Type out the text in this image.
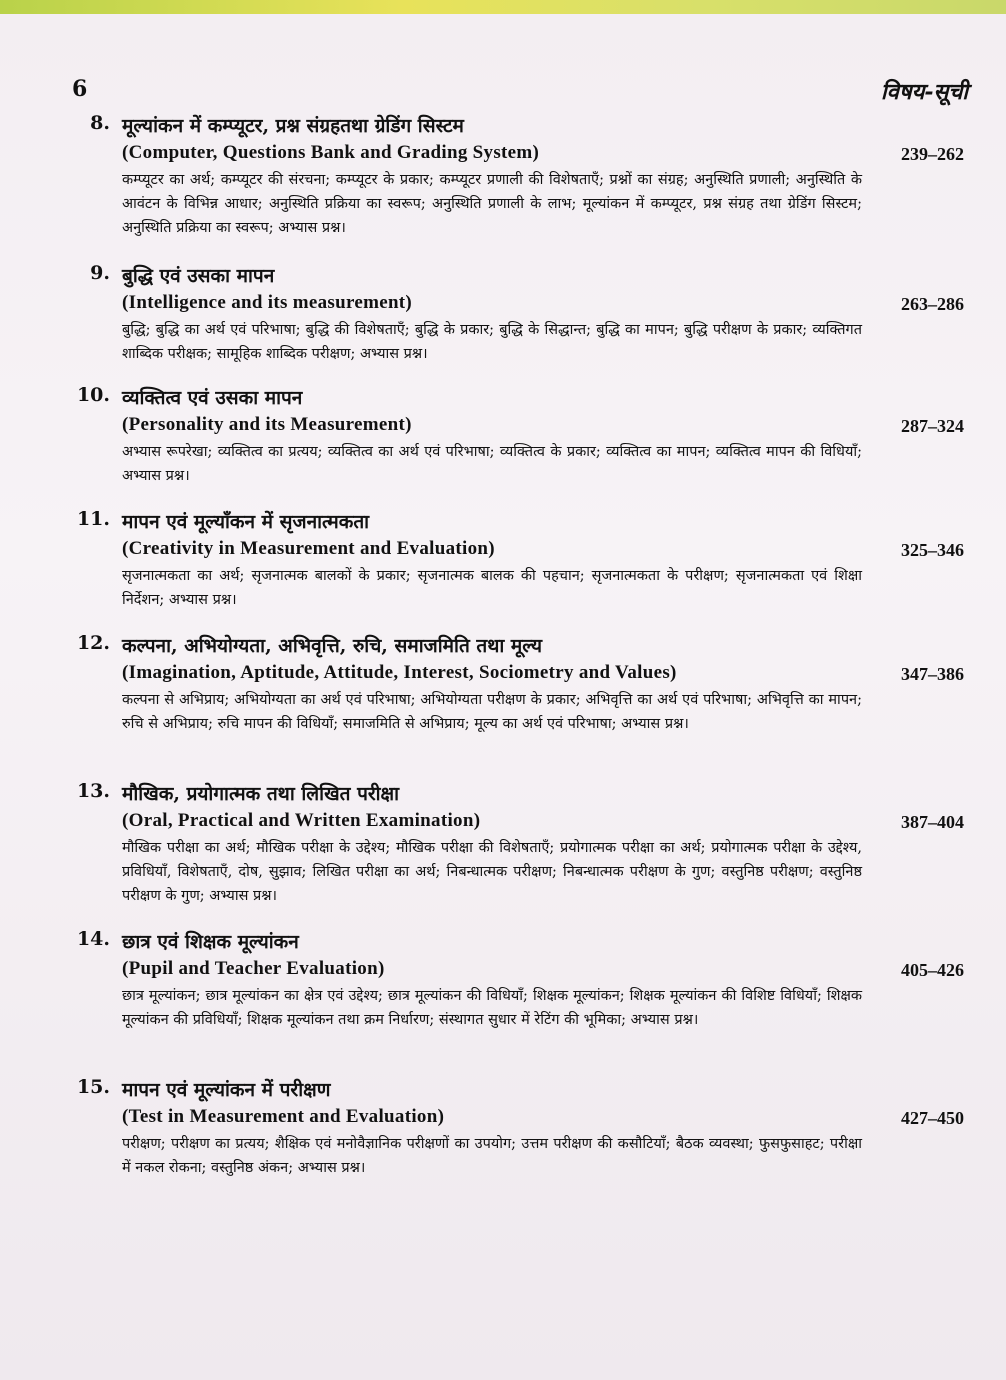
6	विषय-सूची
8. मूल्यांकन में कम्प्यूटर, प्रश्न संग्रहतथा ग्रेडिंग सिस्टम
(Computer, Questions Bank and Grading System)	239–262
कम्प्यूटर का अर्थ; कम्प्यूटर की संरचना; कम्प्यूटर के प्रकार; कम्प्यूटर प्रणाली की विशेषताएँ; प्रश्नों का संग्रह; अनुस्थिति प्रणाली; अनुस्थिति के आवंटन के विभिन्न आधार; अनुस्थिति प्रक्रिया का स्वरूप; अनुस्थिति प्रणाली के लाभ; मूल्यांकन में कम्प्यूटर, प्रश्न संग्रह तथा ग्रेडिंग सिस्टम; अनुस्थिति प्रक्रिया का स्वरूप; अभ्यास प्रश्न।
9. बुद्धि एवं उसका मापन
(Intelligence and its measurement)	263–286
बुद्धि; बुद्धि का अर्थ एवं परिभाषा; बुद्धि की विशेषताएँ; बुद्धि के प्रकार; बुद्धि के सिद्धान्त; बुद्धि का मापन; बुद्धि परीक्षण के प्रकार; व्यक्तिगत शाब्दिक परीक्षक; सामूहिक शाब्दिक परीक्षण; अभ्यास प्रश्न।
10. व्यक्तित्व एवं उसका मापन
(Personality and its Measurement)	287–324
अभ्यास रूपरेखा; व्यक्तित्व का प्रत्यय; व्यक्तित्व का अर्थ एवं परिभाषा; व्यक्तित्व के प्रकार; व्यक्तित्व का मापन; व्यक्तित्व मापन की विधियाँ; अभ्यास प्रश्न।
11. मापन एवं मूल्याँकन में सृजनात्मकता
(Creativity in Measurement and Evaluation)	325–346
सृजनात्मकता का अर्थ; सृजनात्मक बालकों के प्रकार; सृजनात्मक बालक की पहचान; सृजनात्मकता के परीक्षण; सृजनात्मकता एवं शिक्षा निर्देशन; अभ्यास प्रश्न।
12. कल्पना, अभियोग्यता, अभिवृत्ति, रुचि, समाजमिति तथा मूल्य
(Imagination, Aptitude, Attitude, Interest, Sociometry and Values)	347–386
कल्पना से अभिप्राय; अभियोग्यता का अर्थ एवं परिभाषा; अभियोग्यता परीक्षण के प्रकार; अभिवृत्ति का अर्थ एवं परिभाषा; अभिवृत्ति का मापन; रुचि से अभिप्राय; रुचि मापन की विधियाँ; समाजमिति से अभिप्राय; मूल्य का अर्थ एवं परिभाषा; अभ्यास प्रश्न।
13. मौखिक, प्रयोगात्मक तथा लिखित परीक्षा
(Oral, Practical and Written Examination)	387–404
मौखिक परीक्षा का अर्थ; मौखिक परीक्षा के उद्देश्य; मौखिक परीक्षा की विशेषताएँ; प्रयोगात्मक परीक्षा का अर्थ; प्रयोगात्मक परीक्षा के उद्देश्य, प्रविधियाँ, विशेषताएँ, दोष, सुझाव; लिखित परीक्षा का अर्थ; निबन्धात्मक परीक्षण; निबन्धात्मक परीक्षण के गुण; वस्तुनिष्ठ परीक्षण; वस्तुनिष्ठ परीक्षण के गुण; अभ्यास प्रश्न।
14. छात्र एवं शिक्षक मूल्यांकन
(Pupil and Teacher Evaluation)	405–426
छात्र मूल्यांकन; छात्र मूल्यांकन का क्षेत्र एवं उद्देश्य; छात्र मूल्यांकन की विधियाँ; शिक्षक मूल्यांकन; शिक्षक मूल्यांकन की विशिष्ट विधियाँ; शिक्षक मूल्यांकन की प्रविधियाँ; शिक्षक मूल्यांकन तथा क्रम निर्धारण; संस्थागत सुधार में रेटिंग की भूमिका; अभ्यास प्रश्न।
15. मापन एवं मूल्यांकन में परीक्षण
(Test in Measurement and Evaluation)	427–450
परीक्षण; परीक्षण का प्रत्यय; शैक्षिक एवं मनोवैज्ञानिक परीक्षणों का उपयोग; उत्तम परीक्षण की कसौटियाँ; बैठक व्यवस्था; फुसफुसाहट; परीक्षा में नकल रोकना; वस्तुनिष्ठ अंकन; अभ्यास प्रश्न।
